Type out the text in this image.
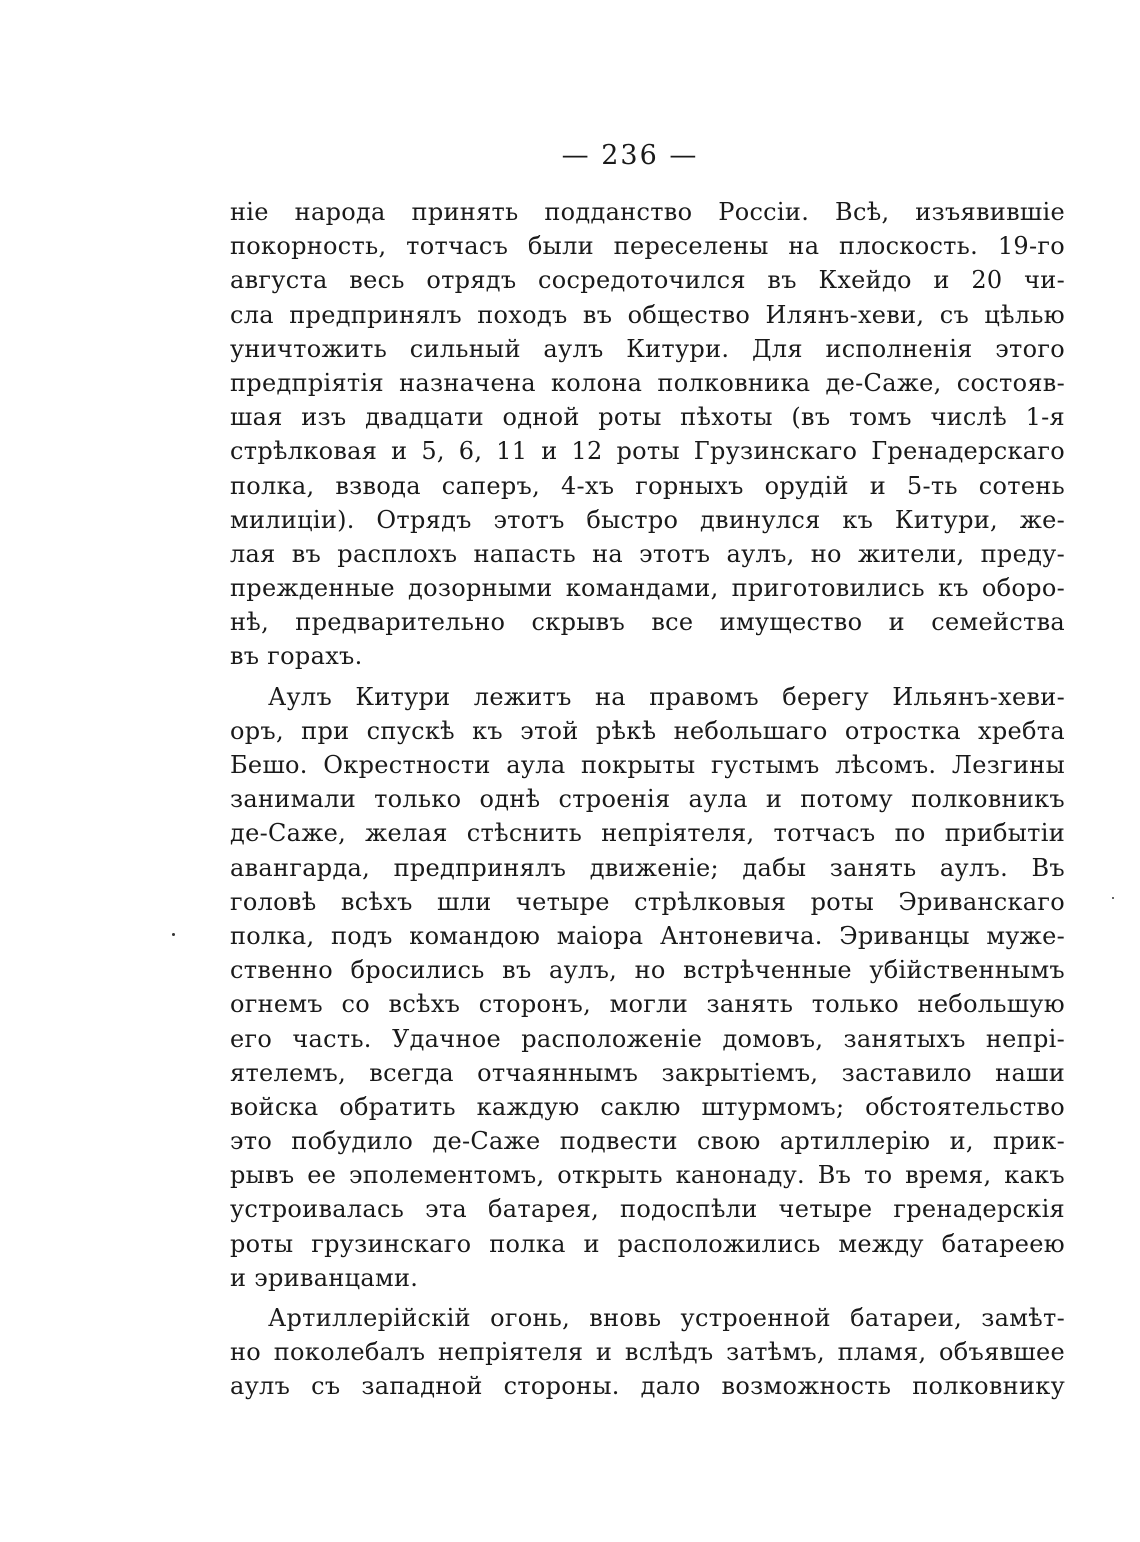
— 236 —
ніе народа принять подданство Россіи. Всѣ, изъявившіе
покорность, тотчасъ были переселены на плоскость. 19-го
августа весь отрядъ сосредоточился въ Кхейдо и 20 чи-
сла предпринялъ походъ въ общество Илянъ-хеви, съ цѣлью
уничтожить сильный аулъ Китури. Для исполненія этого
предпріятія назначена колона полковника де-Саже, состояв-
шая изъ двадцати одной роты пѣхоты (въ томъ числѣ 1-я
стрѣлковая и 5, 6, 11 и 12 роты Грузинскаго Гренадерскаго
полка, взвода саперъ, 4-хъ горныхъ орудій и 5-ть сотень
милиціи). Отрядъ этотъ быстро двинулся къ Китури, же-
лая въ расплохъ напасть на этотъ аулъ, но жители, преду-
прежденные дозорными командами, приготовились къ оборо-
нѣ, предварительно скрывъ все имущество и семейства
въ горахъ.
Аулъ Китури лежитъ на правомъ берегу Ильянъ-хеви-
оръ, при спускѣ къ этой рѣкѣ небольшаго отростка хребта
Бешо. Окрестности аула покрыты густымъ лѣсомъ. Лезгины
занимали только однѣ строенія аула и потому полковникъ
де-Саже, желая стѣснить непріятеля, тотчасъ по прибытіи
авангарда, предпринялъ движеніе; дабы занять аулъ. Въ
головѣ всѣхъ шли четыре стрѣлковыя роты Эриванскаго
полка, подъ командою маіора Антоневича. Эриванцы муже-
ственно бросились въ аулъ, но встрѣченные убійственнымъ
огнемъ со всѣхъ сторонъ, могли занять только небольшую
его часть. Удачное расположеніе домовъ, занятыхъ непрі-
ятелемъ, всегда отчаяннымъ закрытіемъ, заставило наши
войска обратить каждую саклю штурмомъ; обстоятельство
это побудило де-Саже подвести свою артиллерію и, прик-
рывъ ее эполементомъ, открыть канонаду. Въ то время, какъ
устроивалась эта батарея, подоспѣли четыре гренадерскія
роты грузинскаго полка и расположились между батареею
и эриванцами.
Артиллерійскій огонь, вновь устроенной батареи, замѣт-
но поколебалъ непріятеля и вслѣдъ затѣмъ, пламя, объявшее
аулъ съ западной стороны. дало возможность полковнику
